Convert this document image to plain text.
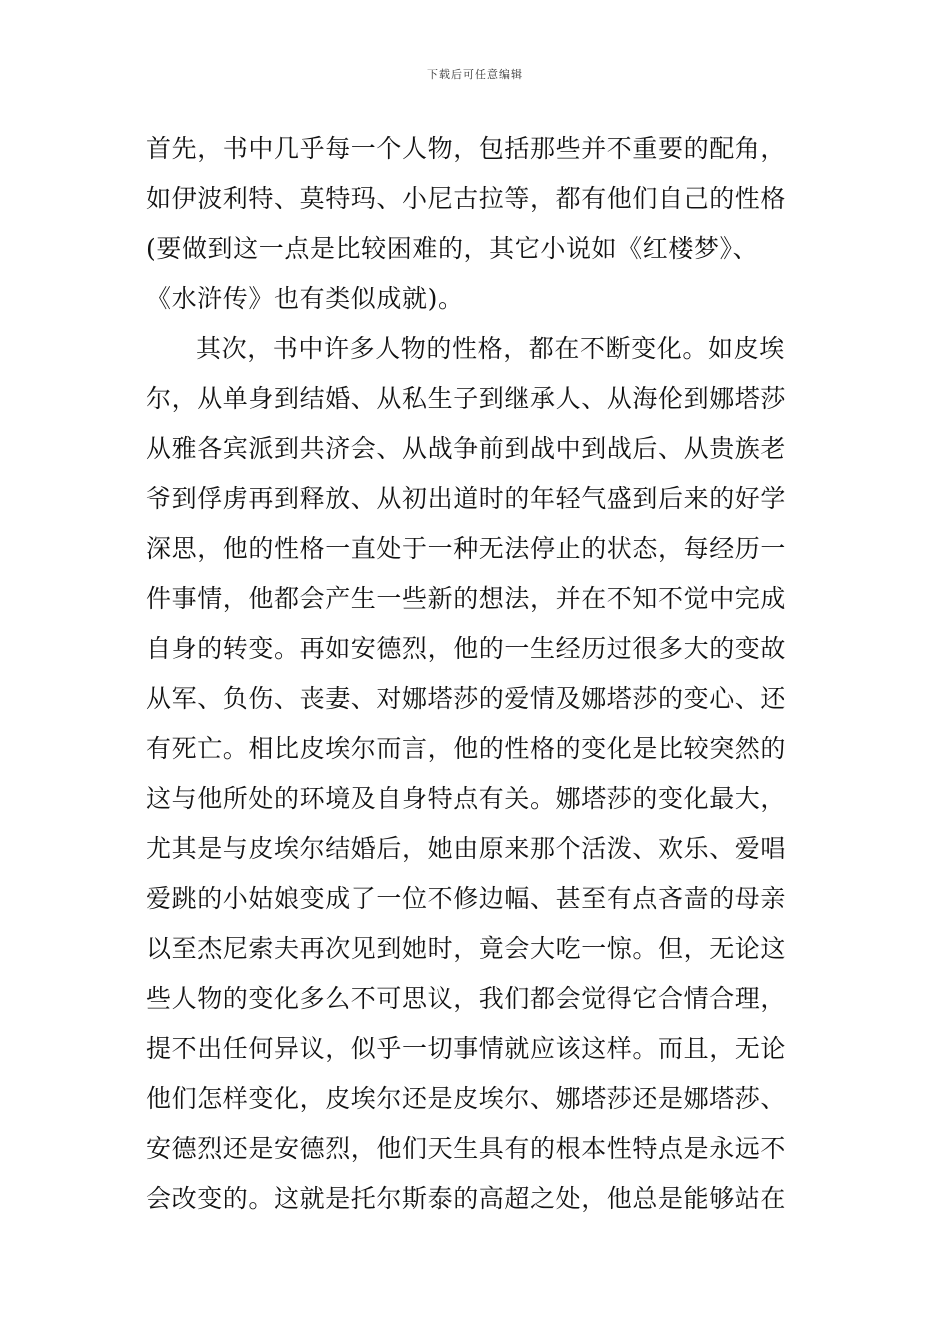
下载后可任意编辑
首先，书中几乎每一个人物，包括那些并不重要的配角，
如伊波利特、莫特玛、小尼古拉等，都有他们自己的性格
(要做到这一点是比较困难的，其它小说如《红楼梦》、
《水浒传》也有类似成就)。
其次，书中许多人物的性格，都在不断变化。如皮埃
尔，从单身到结婚、从私生子到继承人、从海伦到娜塔莎
从雅各宾派到共济会、从战争前到战中到战后、从贵族老
爷到俘虏再到释放、从初出道时的年轻气盛到后来的好学
深思，他的性格一直处于一种无法停止的状态，每经历一
件事情，他都会产生一些新的想法，并在不知不觉中完成
自身的转变。再如安德烈，他的一生经历过很多大的变故
从军、负伤、丧妻、对娜塔莎的爱情及娜塔莎的变心、还
有死亡。相比皮埃尔而言，他的性格的变化是比较突然的
这与他所处的环境及自身特点有关。娜塔莎的变化最大，
尤其是与皮埃尔结婚后，她由原来那个活泼、欢乐、爱唱
爱跳的小姑娘变成了一位不修边幅、甚至有点吝啬的母亲
以至杰尼索夫再次见到她时，竟会大吃一惊。但，无论这
些人物的变化多么不可思议，我们都会觉得它合情合理，
提不出任何异议，似乎一切事情就应该这样。而且，无论
他们怎样变化，皮埃尔还是皮埃尔、娜塔莎还是娜塔莎、
安德烈还是安德烈，他们天生具有的根本性特点是永远不
会改变的。这就是托尔斯泰的高超之处，他总是能够站在
